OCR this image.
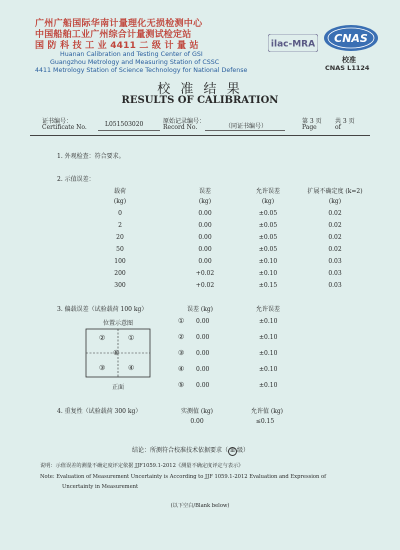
广州广船国际华南计量理化无损检测中心
中国船舶工业广州综合计量测试检定站
国 防 科 技 工 业 4411 二 级 计 量 站
Huanan Calibration and Testing Center of GSI
Guangzhou Metrology and Measuring Station of CSSC
4411 Metrology Station of Science Technology for National Defense
ilac-MRA CNAS
校准
CNAS L1124
校 准 结 果
RESULTS OF CALIBRATION
证书编号：
Certificate No.	L051503020	原始记录编号：
Record No.	（同证书编号）
第 3 页
Page
共 3 页
of
1. 外观检查：符合要求。
2. 示值误差：
载荷	误差	允许误差	扩展不确定度 (k=2)
(kg)	(kg)	(kg)	(kg)
0	0.00	±0.05	0.02
2	0.00	±0.05	0.02
20	0.00	±0.05	0.02
50	0.00	±0.05	0.02
100	0.00	±0.10	0.03
200	+0.02	±0.10	0.03
300	+0.02	±0.15	0.03
3. 偏载误差（试验载荷 100 kg）	误差 (kg)	允许误差
位置示意图
②	①
⑤
③	④
正面
① 0.00	±0.10
② 0.00	±0.10
③ 0.00	±0.10
④ 0.00	±0.10
⑤ 0.00	±0.10
4. 重复性（试验载荷 300 kg）	实测值 (kg)	允许值 (kg)
0.00	≤0.15
结论：所测符合校准技术依据要求（ Ⅲ 级）
说明：示值误差的测量不确定度评定依据 JJF1059.1-2012《测量不确定度评定与表示》
Note: Evaluation of Measurement Uncertainty is According to JJF 1059.1-2012 Evaluation and Expression of
Uncertainty in Measurement
(以下空白/Blank below)
